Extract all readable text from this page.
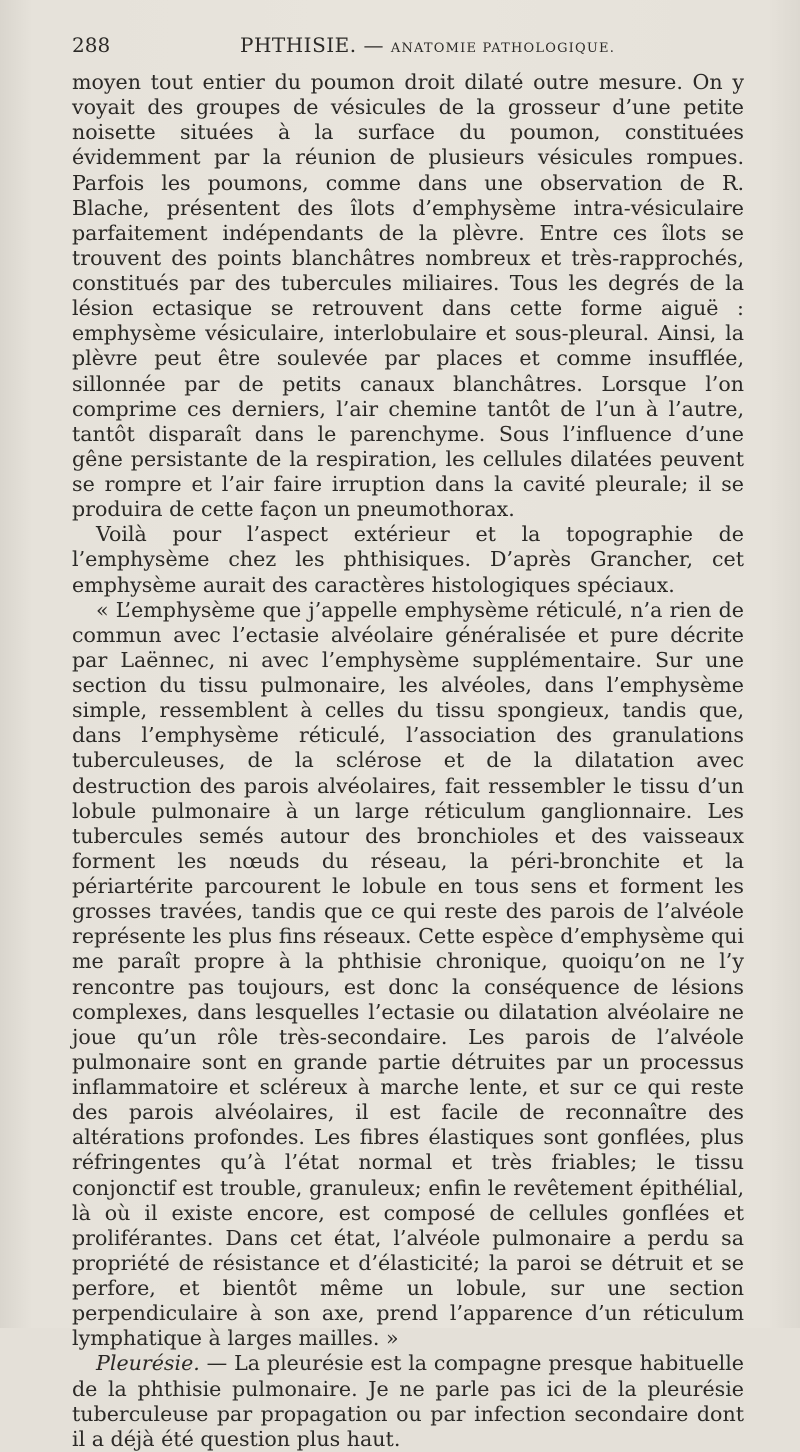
288	PHTHISIE. — ANATOMIE PATHOLOGIQUE.

moyen tout entier du poumon droit dilaté outre mesure. On y voyait des groupes de vésicules de la grosseur d’une petite noisette situées à la surface du poumon, constituées évidemment par la réunion de plusieurs vésicules rompues. Parfois les poumons, comme dans une observation de R. Blache, présentent des îlots d’emphysème intra-vésiculaire parfaitement indépendants de la plèvre. Entre ces îlots se trouvent des points blanchâtres nombreux et très-rapprochés, constitués par des tubercules miliaires. Tous les degrés de la lésion ectasique se retrouvent dans cette forme aiguë : emphysème vésiculaire, interlobulaire et sous-pleural. Ainsi, la plèvre peut être soulevée par places et comme insufflée, sillonnée par de petits canaux blanchâtres. Lorsque l’on comprime ces derniers, l’air chemine tantôt de l’un à l’autre, tantôt disparaît dans le parenchyme. Sous l’influence d’une gêne persistante de la respiration, les cellules dilatées peuvent se rompre et l’air faire irruption dans la cavité pleurale; il se produira de cette façon un pneumothorax.

Voilà pour l’aspect extérieur et la topographie de l’emphysème chez les phthisiques. D’après Grancher, cet emphysème aurait des caractères histologiques spéciaux.

« L’emphysème que j’appelle emphysème réticulé, n’a rien de commun avec l’ectasie alvéolaire généralisée et pure décrite par Laënnec, ni avec l’emphysème supplémentaire. Sur une section du tissu pulmonaire, les alvéoles, dans l’emphysème simple, ressemblent à celles du tissu spongieux, tandis que, dans l’emphysème réticulé, l’association des granulations tuberculeuses, de la sclérose et de la dilatation avec destruction des parois alvéolaires, fait ressembler le tissu d’un lobule pulmonaire à un large réticulum ganglionnaire. Les tubercules semés autour des bronchioles et des vaisseaux forment les nœuds du réseau, la péri-bronchite et la périartérite parcourent le lobule en tous sens et forment les grosses travées, tandis que ce qui reste des parois de l’alvéole représente les plus fins réseaux. Cette espèce d’emphysème qui me paraît propre à la phthisie chronique, quoiqu’on ne l’y rencontre pas toujours, est donc la conséquence de lésions complexes, dans lesquelles l’ectasie ou dilatation alvéolaire ne joue qu’un rôle très-secondaire. Les parois de l’alvéole pulmonaire sont en grande partie détruites par un processus inflammatoire et scléreux à marche lente, et sur ce qui reste des parois alvéolaires, il est facile de reconnaître des altérations profondes. Les fibres élastiques sont gonflées, plus réfringentes qu’à l’état normal et très friables; le tissu conjonctif est trouble, granuleux; enfin le revêtement épithélial, là où il existe encore, est composé de cellules gonflées et proliférantes. Dans cet état, l’alvéole pulmonaire a perdu sa propriété de résistance et d’élasticité; la paroi se détruit et se perfore, et bientôt même un lobule, sur une section perpendiculaire à son axe, prend l’apparence d’un réticulum lymphatique à larges mailles. »

Pleurésie. — La pleurésie est la compagne presque habituelle de la phthisie pulmonaire. Je ne parle pas ici de la pleurésie tuberculeuse par propagation ou par infection secondaire dont il a déjà été question plus haut.
